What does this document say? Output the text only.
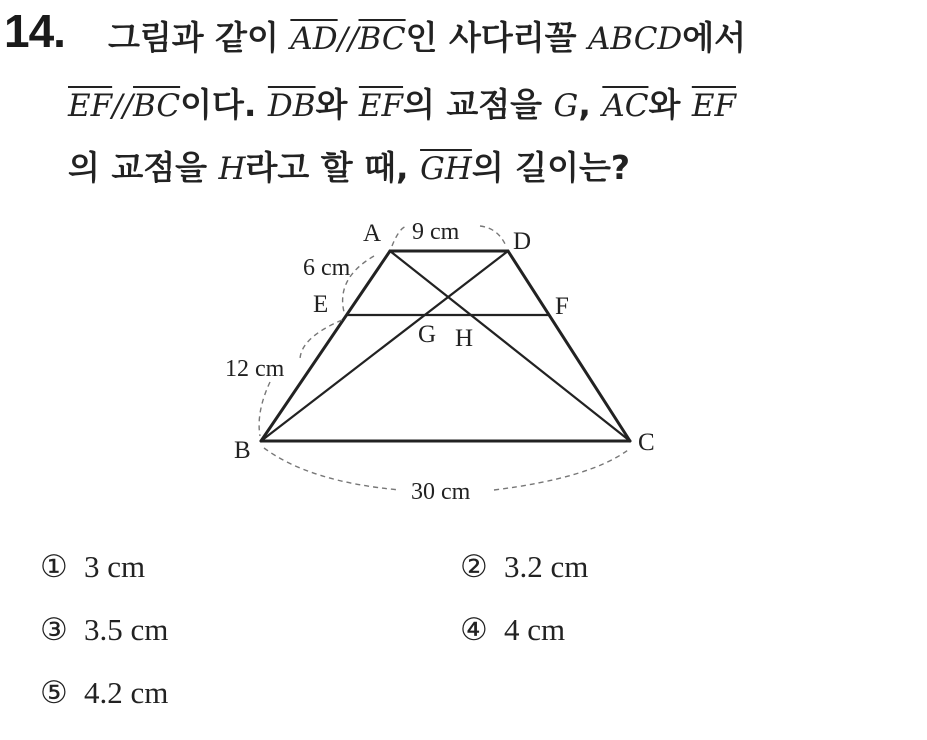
14. 그림과 같이 $\overline{AD}//\overline{BC}$인 사다리꼴 ABCD에서
$\overline{EF}//\overline{BC}$이다. $\overline{DB}$와 $\overline{EF}$의 교점을 G, $\overline{AC}$와 $\overline{EF}$
의 교점을 H라고 할 때, $\overline{GH}$의 길이는?
A	D
E	F
G H
B	C
9 cm
6 cm
12 cm
30 cm
① 3 cm	② 3.2 cm
③ 3.5 cm	④ 4 cm
⑤ 4.2 cm
